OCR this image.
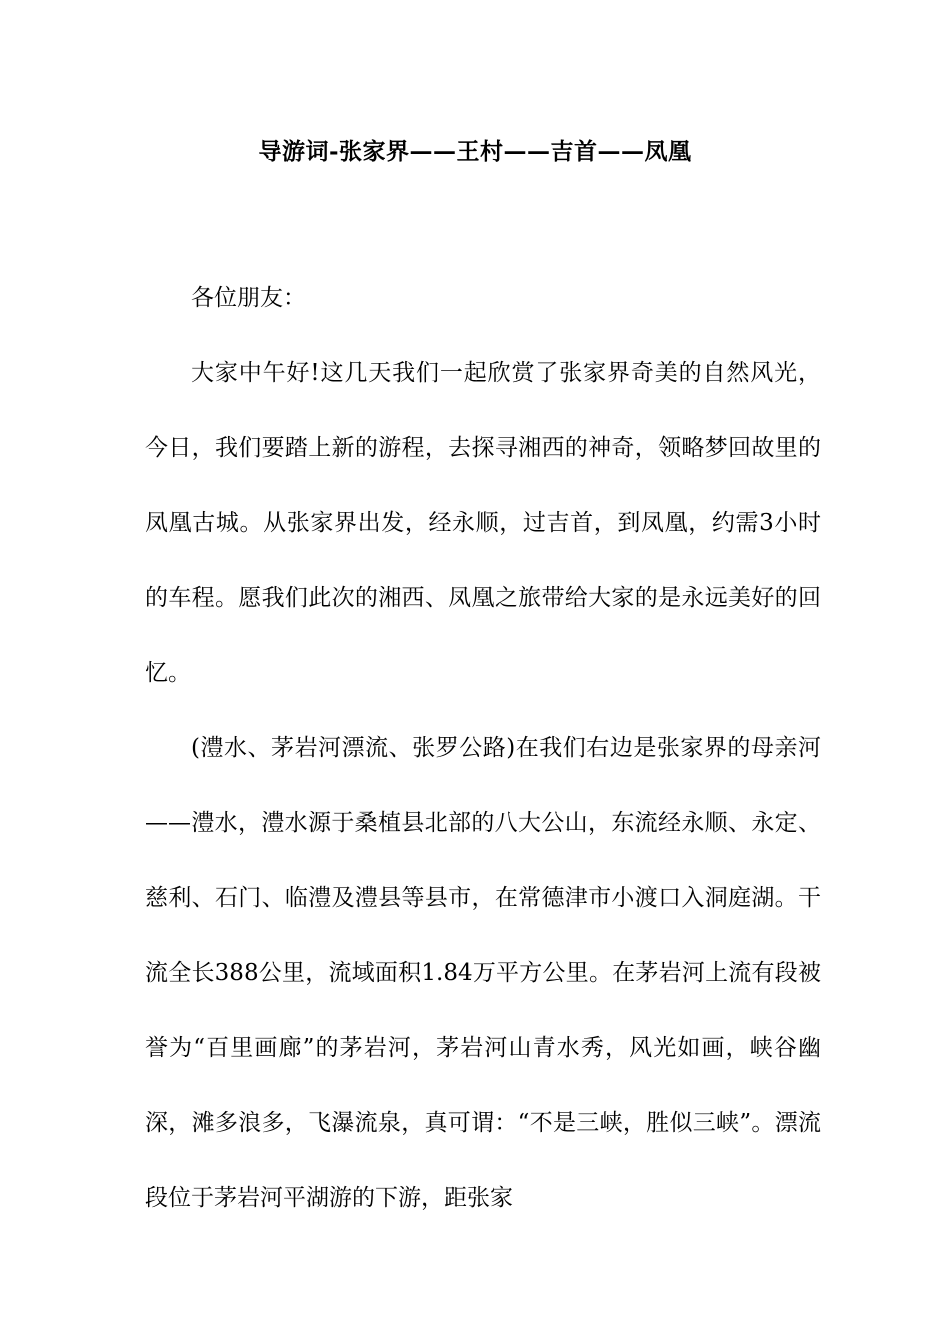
导游词-张家界——王村——吉首——凤凰

各位朋友：

大家中午好!这几天我们一起欣赏了张家界奇美的自然风光，今日，我们要踏上新的游程，去探寻湘西的神奇，领略梦回故里的凤凰古城。从张家界出发，经永顺，过吉首，到凤凰，约需3小时的车程。愿我们此次的湘西、凤凰之旅带给大家的是永远美好的回忆。

(澧水、茅岩河漂流、张罗公路)在我们右边是张家界的母亲河——澧水，澧水源于桑植县北部的八大公山，东流经永顺、永定、慈利、石门、临澧及澧县等县市，在常德津市小渡口入洞庭湖。干流全长388公里，流域面积1.84万平方公里。在茅岩河上流有段被誉为“百里画廊”的茅岩河，茅岩河山青水秀，风光如画，峡谷幽深，滩多浪多，飞瀑流泉，真可谓：“不是三峡，胜似三峡”。漂流段位于茅岩河平湖游的下游，距张家
